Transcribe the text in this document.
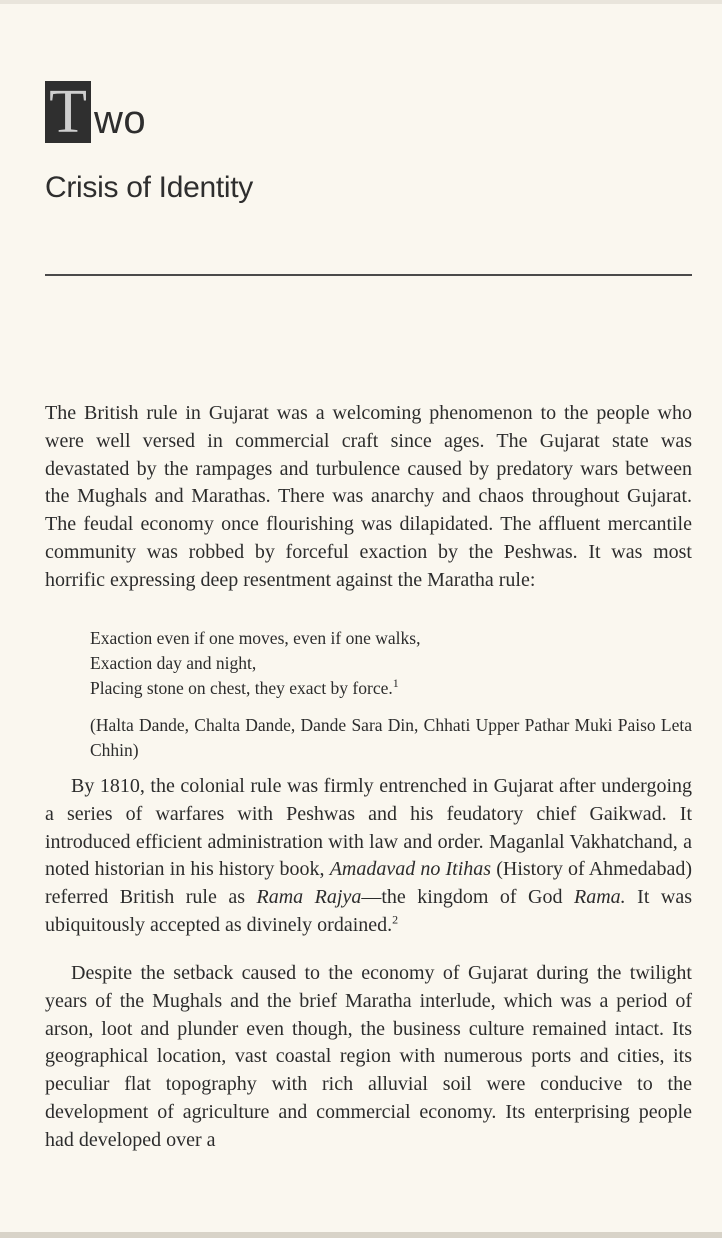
T wo
Crisis of Identity
The British rule in Gujarat was a welcoming phenomenon to the people who were well versed in commercial craft since ages. The Gujarat state was devastated by the rampages and turbulence caused by predatory wars between the Mughals and Marathas. There was anarchy and chaos throughout Gujarat. The feudal economy once flourishing was dilapidated. The affluent mercantile community was robbed by forceful exaction by the Peshwas. It was most horrific expressing deep resentment against the Maratha rule:
Exaction even if one moves, even if one walks,
Exaction day and night,
Placing stone on chest, they exact by force.$^1$
(Halta Dande, Chalta Dande, Dande Sara Din, Chhati Upper Pathar Muki Paiso Leta Chhin)
By 1810, the colonial rule was firmly entrenched in Gujarat after undergoing a series of warfares with Peshwas and his feudatory chief Gaikwad. It introduced efficient administration with law and order. Maganlal Vakhatchand, a noted historian in his history book, Amadavad no Itihas (History of Ahmedabad) referred British rule as Rama Rajya—the kingdom of God Rama. It was ubiquitously accepted as divinely ordained.$^2$
Despite the setback caused to the economy of Gujarat during the twilight years of the Mughals and the brief Maratha interlude, which was a period of arson, loot and plunder even though, the business culture remained intact. Its geographical location, vast coastal region with numerous ports and cities, its peculiar flat topography with rich alluvial soil were conducive to the development of agriculture and commercial economy. Its enterprising people had developed over a
